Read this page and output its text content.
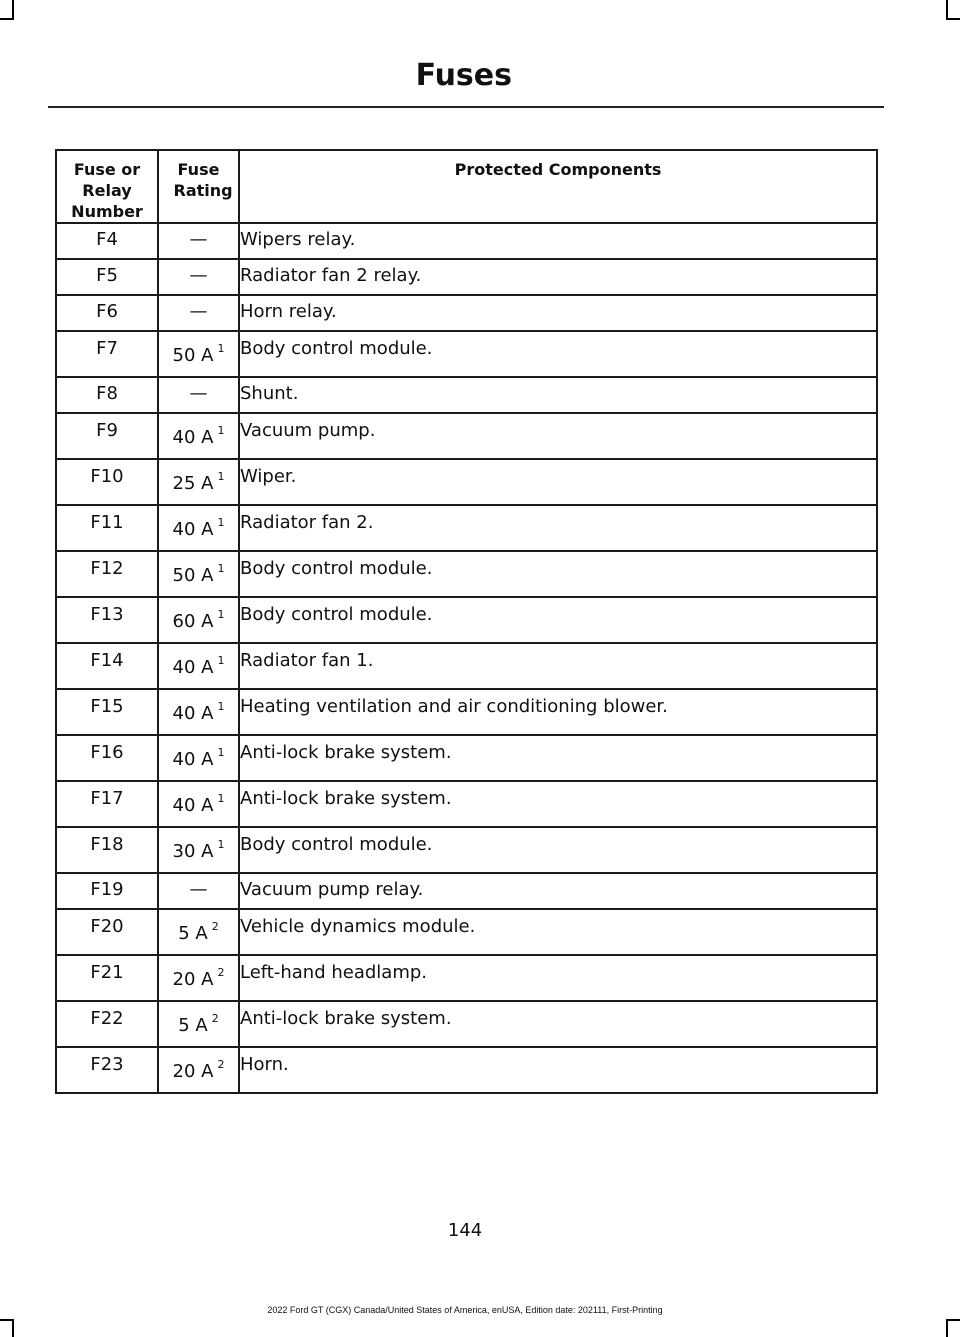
Fuses
Fuse or Relay Number	Fuse Rating	Protected Components
F4	—	Wipers relay.
F5	—	Radiator fan 2 relay.
F6	—	Horn relay.
F7	50 A $^1$	Body control module.
F8	—	Shunt.
F9	40 A $^1$	Vacuum pump.
F10	25 A $^1$	Wiper.
F11	40 A $^1$	Radiator fan 2.
F12	50 A $^1$	Body control module.
F13	60 A $^1$	Body control module.
F14	40 A $^1$	Radiator fan 1.
F15	40 A $^1$	Heating ventilation and air conditioning blower.
F16	40 A $^1$	Anti-lock brake system.
F17	40 A $^1$	Anti-lock brake system.
F18	30 A $^1$	Body control module.
F19	—	Vacuum pump relay.
F20	5 A $^2$	Vehicle dynamics module.
F21	20 A $^2$	Left-hand headlamp.
F22	5 A $^2$	Anti-lock brake system.
F23	20 A $^2$	Horn.
144
2022 Ford GT (CGX) Canada/United States of America, enUSA, Edition date: 202111, First-Printing
